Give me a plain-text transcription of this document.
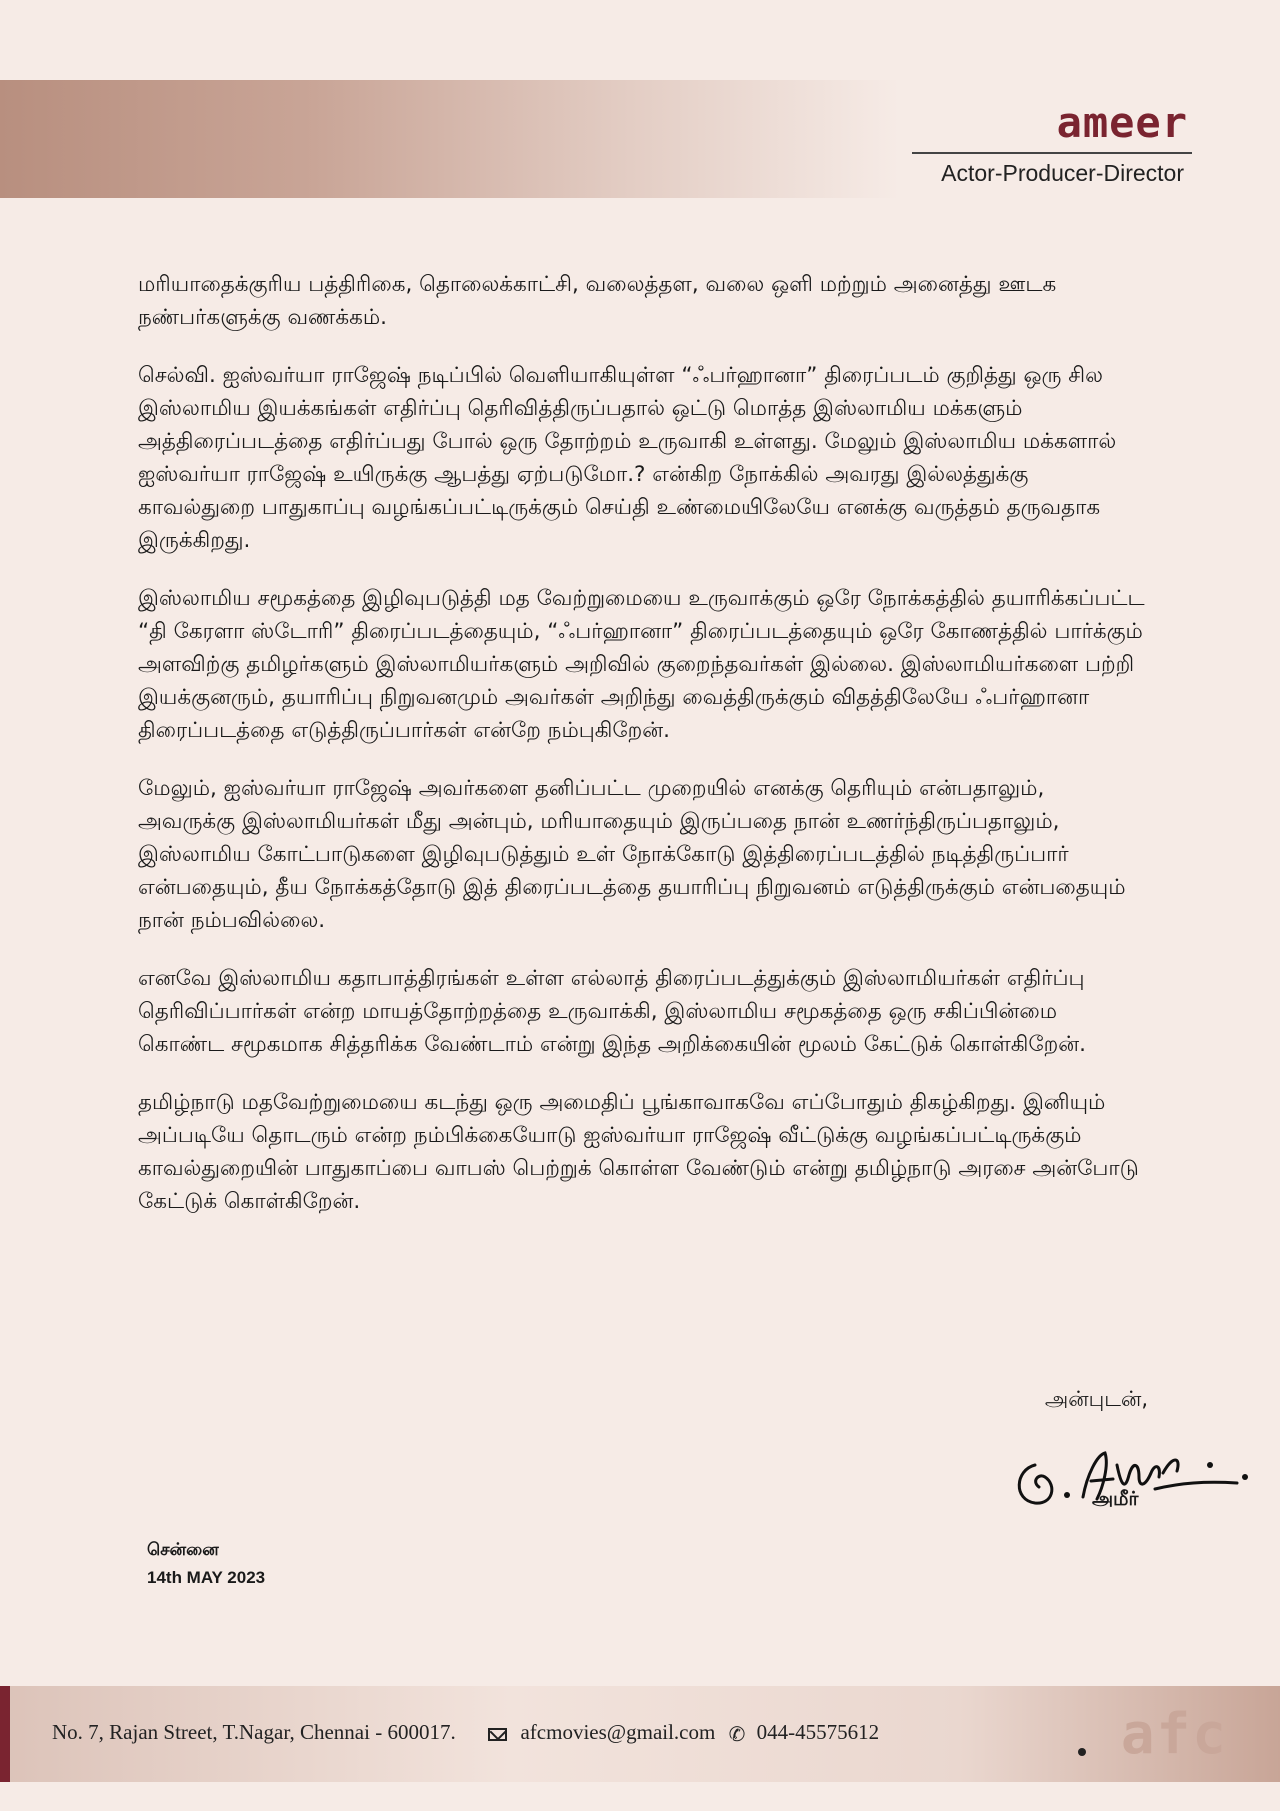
ameer
Actor-Producer-Director

மரியாதைக்குரிய பத்திரிகை, தொலைக்காட்சி, வலைத்தள, வலை ஒளி மற்றும் அனைத்து ஊடக நண்பர்களுக்கு வணக்கம்.

செல்வி. ஐஸ்வர்யா ராஜேஷ் நடிப்பில் வெளியாகியுள்ள “ஃபர்ஹானா” திரைப்படம் குறித்து ஒரு சில இஸ்லாமிய இயக்கங்கள் எதிர்ப்பு தெரிவித்திருப்பதால் ஒட்டு மொத்த இஸ்லாமிய மக்களும் அத்திரைப்படத்தை எதிர்ப்பது போல் ஒரு தோற்றம் உருவாகி உள்ளது. மேலும் இஸ்லாமிய மக்களால் ஐஸ்வர்யா ராஜேஷ் உயிருக்கு ஆபத்து ஏற்படுமோ.? என்கிற நோக்கில் அவரது இல்லத்துக்கு காவல்துறை பாதுகாப்பு வழங்கப்பட்டிருக்கும் செய்தி உண்மையிலேயே எனக்கு வருத்தம் தருவதாக இருக்கிறது.

இஸ்லாமிய சமூகத்தை இழிவுபடுத்தி மத வேற்றுமையை உருவாக்கும் ஒரே நோக்கத்தில் தயாரிக்கப்பட்ட “தி கேரளா ஸ்டோரி” திரைப்படத்தையும், “ஃபர்ஹானா” திரைப்படத்தையும் ஒரே கோணத்தில் பார்க்கும் அளவிற்கு தமிழர்களும் இஸ்லாமியர்களும் அறிவில் குறைந்தவர்கள் இல்லை. இஸ்லாமியர்களை பற்றி இயக்குனரும், தயாரிப்பு நிறுவனமும் அவர்கள் அறிந்து வைத்திருக்கும் விதத்திலேயே ஃபர்ஹானா திரைப்படத்தை எடுத்திருப்பார்கள் என்றே நம்புகிறேன்.

மேலும், ஐஸ்வர்யா ராஜேஷ் அவர்களை தனிப்பட்ட முறையில் எனக்கு தெரியும் என்பதாலும், அவருக்கு இஸ்லாமியர்கள் மீது அன்பும், மரியாதையும் இருப்பதை நான் உணர்ந்திருப்பதாலும், இஸ்லாமிய கோட்பாடுகளை இழிவுபடுத்தும் உள் நோக்கோடு இத்திரைப்படத்தில் நடித்திருப்பார் என்பதையும், தீய நோக்கத்தோடு இத் திரைப்படத்தை தயாரிப்பு நிறுவனம் எடுத்திருக்கும் என்பதையும் நான் நம்பவில்லை.

எனவே இஸ்லாமிய கதாபாத்திரங்கள் உள்ள எல்லாத் திரைப்படத்துக்கும் இஸ்லாமியர்கள் எதிர்ப்பு தெரிவிப்பார்கள் என்ற மாயத்தோற்றத்தை உருவாக்கி, இஸ்லாமிய சமூகத்தை ஒரு சகிப்பின்மை கொண்ட சமூகமாக சித்தரிக்க வேண்டாம் என்று இந்த அறிக்கையின் மூலம் கேட்டுக் கொள்கிறேன்.

தமிழ்நாடு மதவேற்றுமையை கடந்து ஒரு அமைதிப் பூங்காவாகவே எப்போதும் திகழ்கிறது. இனியும் அப்படியே தொடரும் என்ற நம்பிக்கையோடு ஐஸ்வர்யா ராஜேஷ் வீட்டுக்கு வழங்கப்பட்டிருக்கும் காவல்துறையின் பாதுகாப்பை வாபஸ் பெற்றுக் கொள்ள வேண்டும் என்று தமிழ்நாடு அரசை அன்போடு கேட்டுக் கொள்கிறேன்.

அன்புடன்,
அமீர்
சென்னை
14th MAY 2023
No. 7, Rajan Street, T.Nagar, Chennai - 600017.	afcmovies@gmail.com ✆ 044-45575612	afc
